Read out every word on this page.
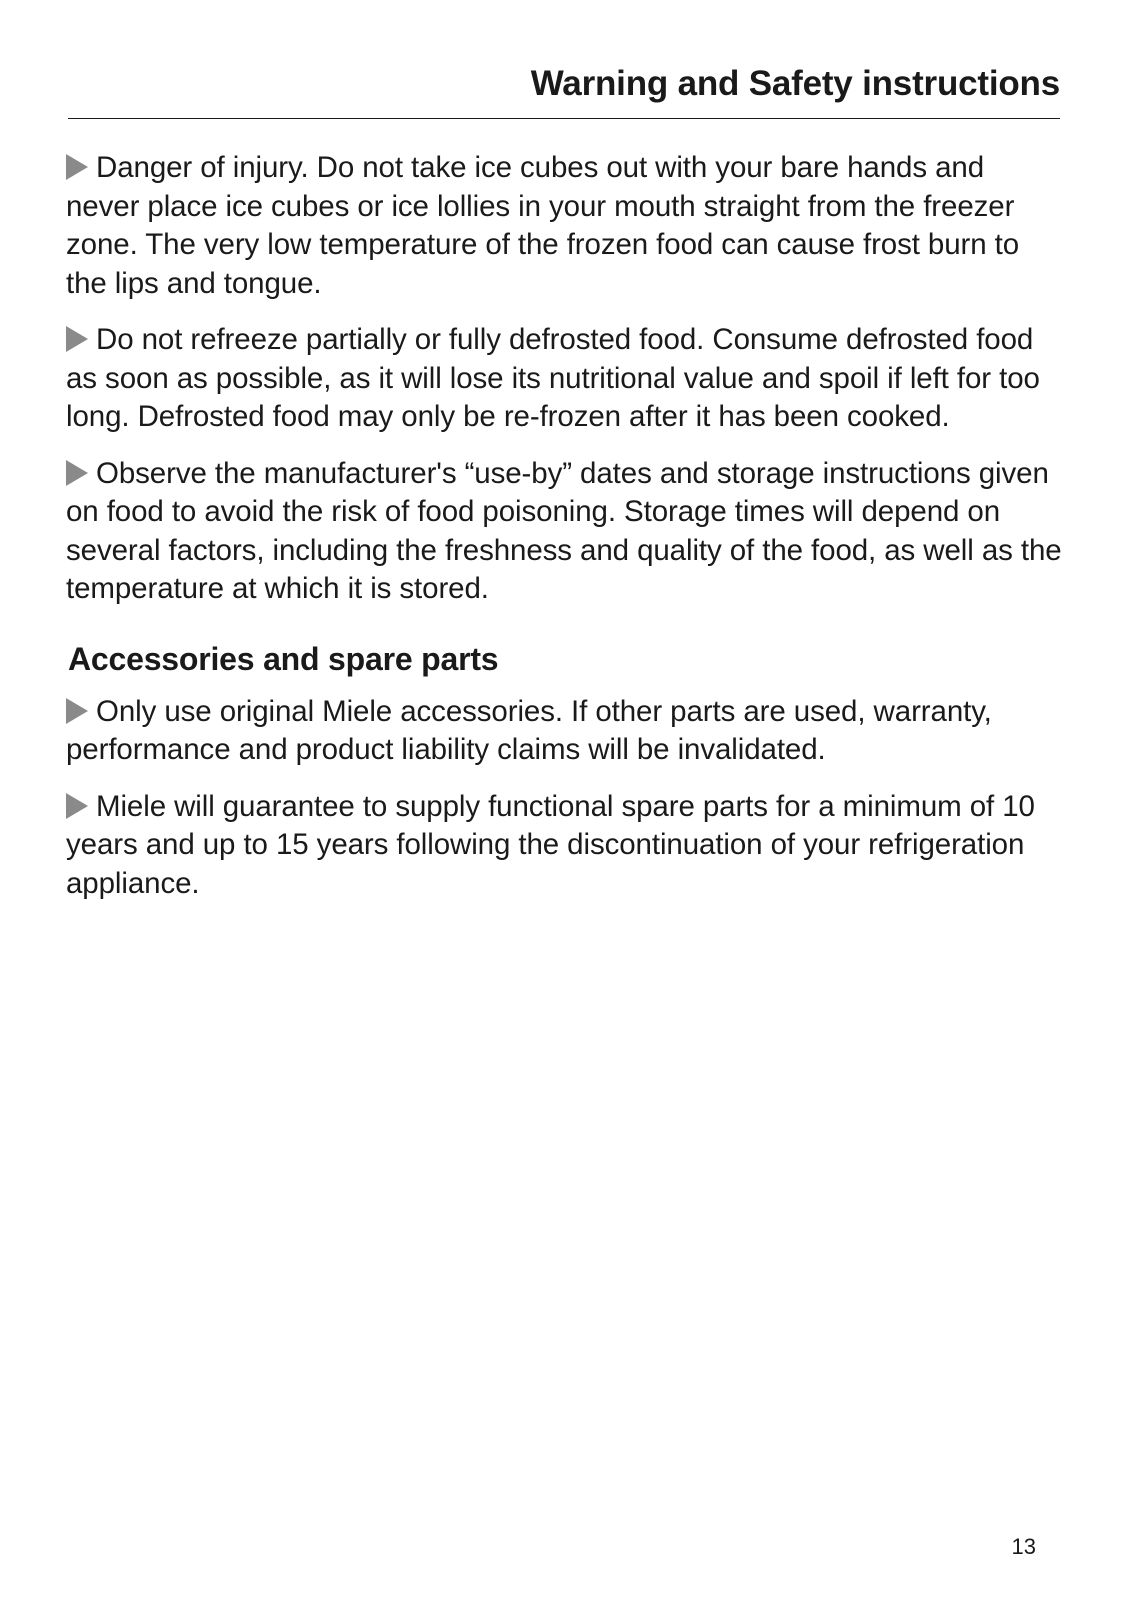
Warning and Safety instructions

Danger of injury. Do not take ice cubes out with your bare hands and never place ice cubes or ice lollies in your mouth straight from the freezer zone. The very low temperature of the frozen food can cause frost burn to the lips and tongue.

Do not refreeze partially or fully defrosted food. Consume defrosted food as soon as possible, as it will lose its nutritional value and spoil if left for too long. Defrosted food may only be re-frozen after it has been cooked.

Observe the manufacturer's “use-by” dates and storage instructions given on food to avoid the risk of food poisoning. Storage times will depend on several factors, including the freshness and quality of the food, as well as the temperature at which it is stored.

Accessories and spare parts

Only use original Miele accessories. If other parts are used, warranty, performance and product liability claims will be invalidated.

Miele will guarantee to supply functional spare parts for a minimum of 10 years and up to 15 years following the discontinuation of your refrigeration appliance.

13
